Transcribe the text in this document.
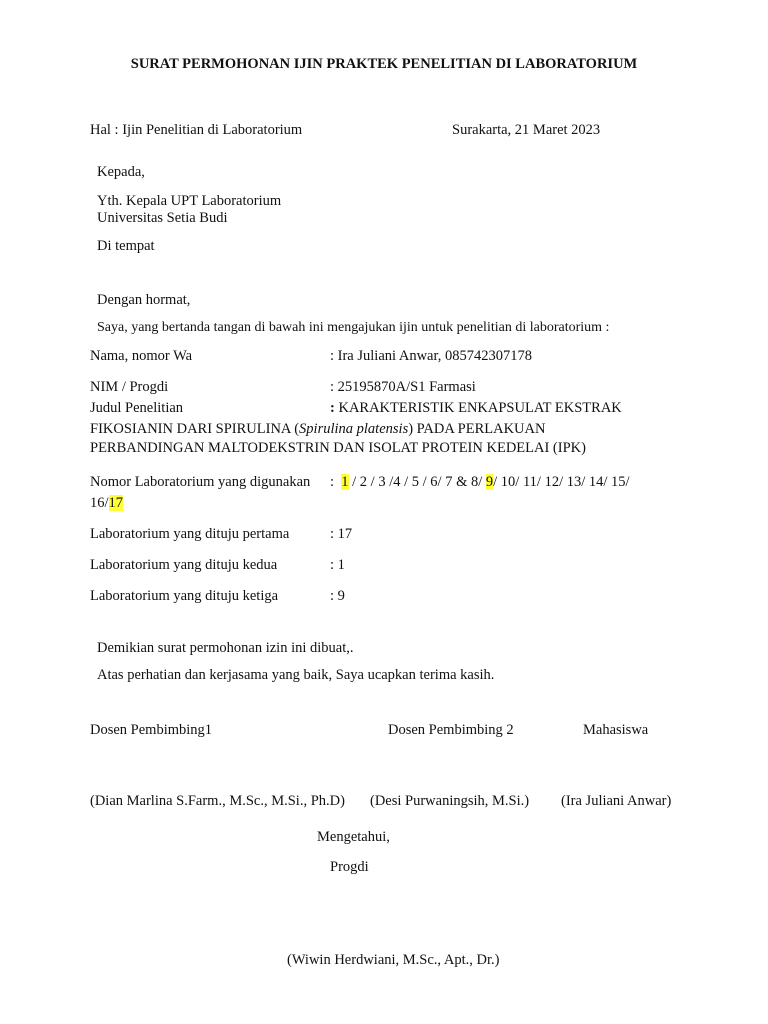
SURAT PERMOHONAN IJIN PRAKTEK PENELITIAN DI LABORATORIUM
Hal : Ijin Penelitian di Laboratorium	Surakarta, 21 Maret 2023
Kepada,
Yth. Kepala UPT Laboratorium
Universitas Setia Budi
Di tempat
Dengan hormat,
Saya, yang bertanda tangan di bawah ini mengajukan ijin untuk penelitian di laboratorium :
Nama, nomor Wa	: Ira Juliani Anwar, 085742307178
NIM / Progdi	: 25195870A/S1 Farmasi
Judul Penelitian	: KARAKTERISTIK ENKAPSULAT EKSTRAK
FIKOSIANIN DARI SPIRULINA (Spirulina platensis) PADA PERLAKUAN
PERBANDINGAN MALTODEKSTRIN DAN ISOLAT PROTEIN KEDELAI (IPK)
Nomor Laboratorium yang digunakan : 1 / 2 / 3 /4 / 5 / 6/ 7 & 8/ 9/ 10/ 11/ 12/ 13/ 14/ 15/
16/17
Laboratorium yang dituju pertama	: 17
Laboratorium yang dituju kedua	: 1
Laboratorium yang dituju ketiga	: 9
Demikian surat permohonan izin ini dibuat,.
Atas perhatian dan kerjasama yang baik, Saya ucapkan terima kasih.
Dosen Pembimbing1	Dosen Pembimbing 2	Mahasiswa
(Dian Marlina S.Farm., M.Sc., M.Si., Ph.D) (Desi Purwaningsih, M.Si.) (Ira Juliani Anwar)
Mengetahui,
Progdi
(Wiwin Herdwiani, M.Sc., Apt., Dr.)
